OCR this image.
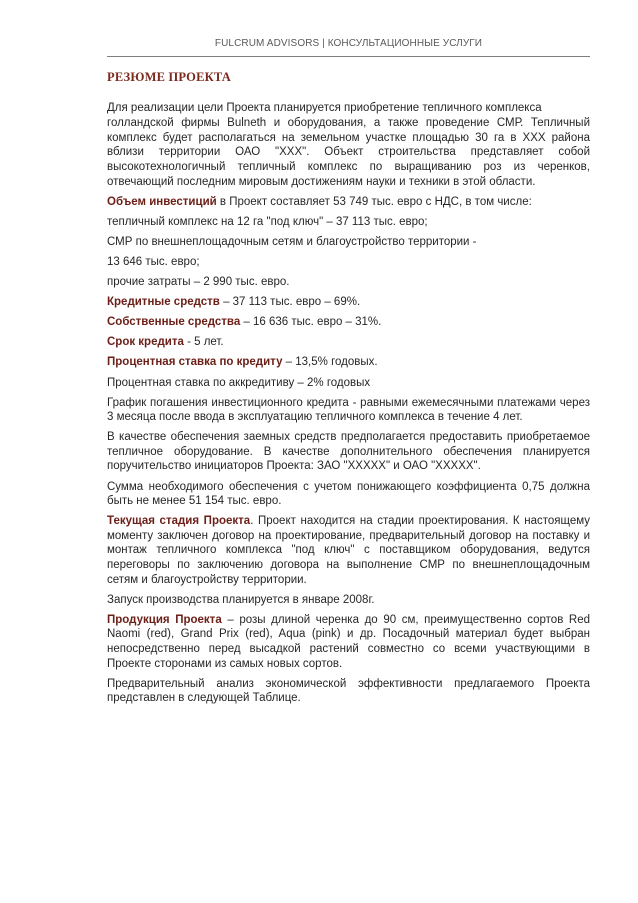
FULCRUM ADVISORS | КОНСУЛЬТАЦИОННЫЕ УСЛУГИ
РЕЗЮМЕ ПРОЕКТА

Для реализации цели Проекта планируется приобретение тепличного комплекса

голландской фирмы Bulneth и оборудования, а также проведение СМР. Тепличный комплекс будет располагаться на земельном участке площадью 30 га в XXX района вблизи территории ОАО "XXX". Объект строительства представляет собой высокотехнологичный тепличный комплекс по выращиванию роз из черенков, отвечающий последним мировым достижениям науки и техники в этой области.

Объем инвестиций в Проект составляет 53 749 тыс. евро с НДС, в том числе:

тепличный комплекс на 12 га "под ключ" – 37 113 тыс. евро;

СМР по внешнеплощадочным сетям и благоустройство территории -

13 646 тыс. евро;

прочие затраты – 2 990 тыс. евро.

Кредитные средств – 37 113 тыс. евро – 69%.

Собственные средства – 16 636 тыс. евро – 31%.

Срок кредита - 5 лет.

Процентная ставка по кредиту – 13,5% годовых.

Процентная ставка по аккредитиву – 2% годовых

График погашения инвестиционного кредита - равными ежемесячными платежами через 3 месяца после ввода в эксплуатацию тепличного комплекса в течение 4 лет.

В качестве обеспечения заемных средств предполагается предоставить приобретаемое тепличное оборудование. В качестве дополнительного обеспечения планируется поручительство инициаторов Проекта: ЗАО "XXXXX" и ОАО "XXXXX".

Сумма необходимого обеспечения с учетом понижающего коэффициента 0,75 должна быть не менее 51 154 тыс. евро.

Текущая стадия Проекта. Проект находится на стадии проектирования. К настоящему моменту заключен договор на проектирование, предварительный договор на поставку и монтаж тепличного комплекса "под ключ" с поставщиком оборудования, ведутся переговоры по заключению договора на выполнение СМР по внешнеплощадочным сетям и благоустройству территории.

Запуск производства планируется в январе 2008г.

Продукция Проекта – розы длиной черенка до 90 см, преимущественно сортов Red Naomi (red), Grand Prix (red), Aqua (pink) и др. Посадочный материал будет выбран непосредственно перед высадкой растений совместно со всеми участвующими в Проекте сторонами из самых новых сортов.

Предварительный анализ экономической эффективности предлагаемого Проекта представлен в следующей Таблице.
